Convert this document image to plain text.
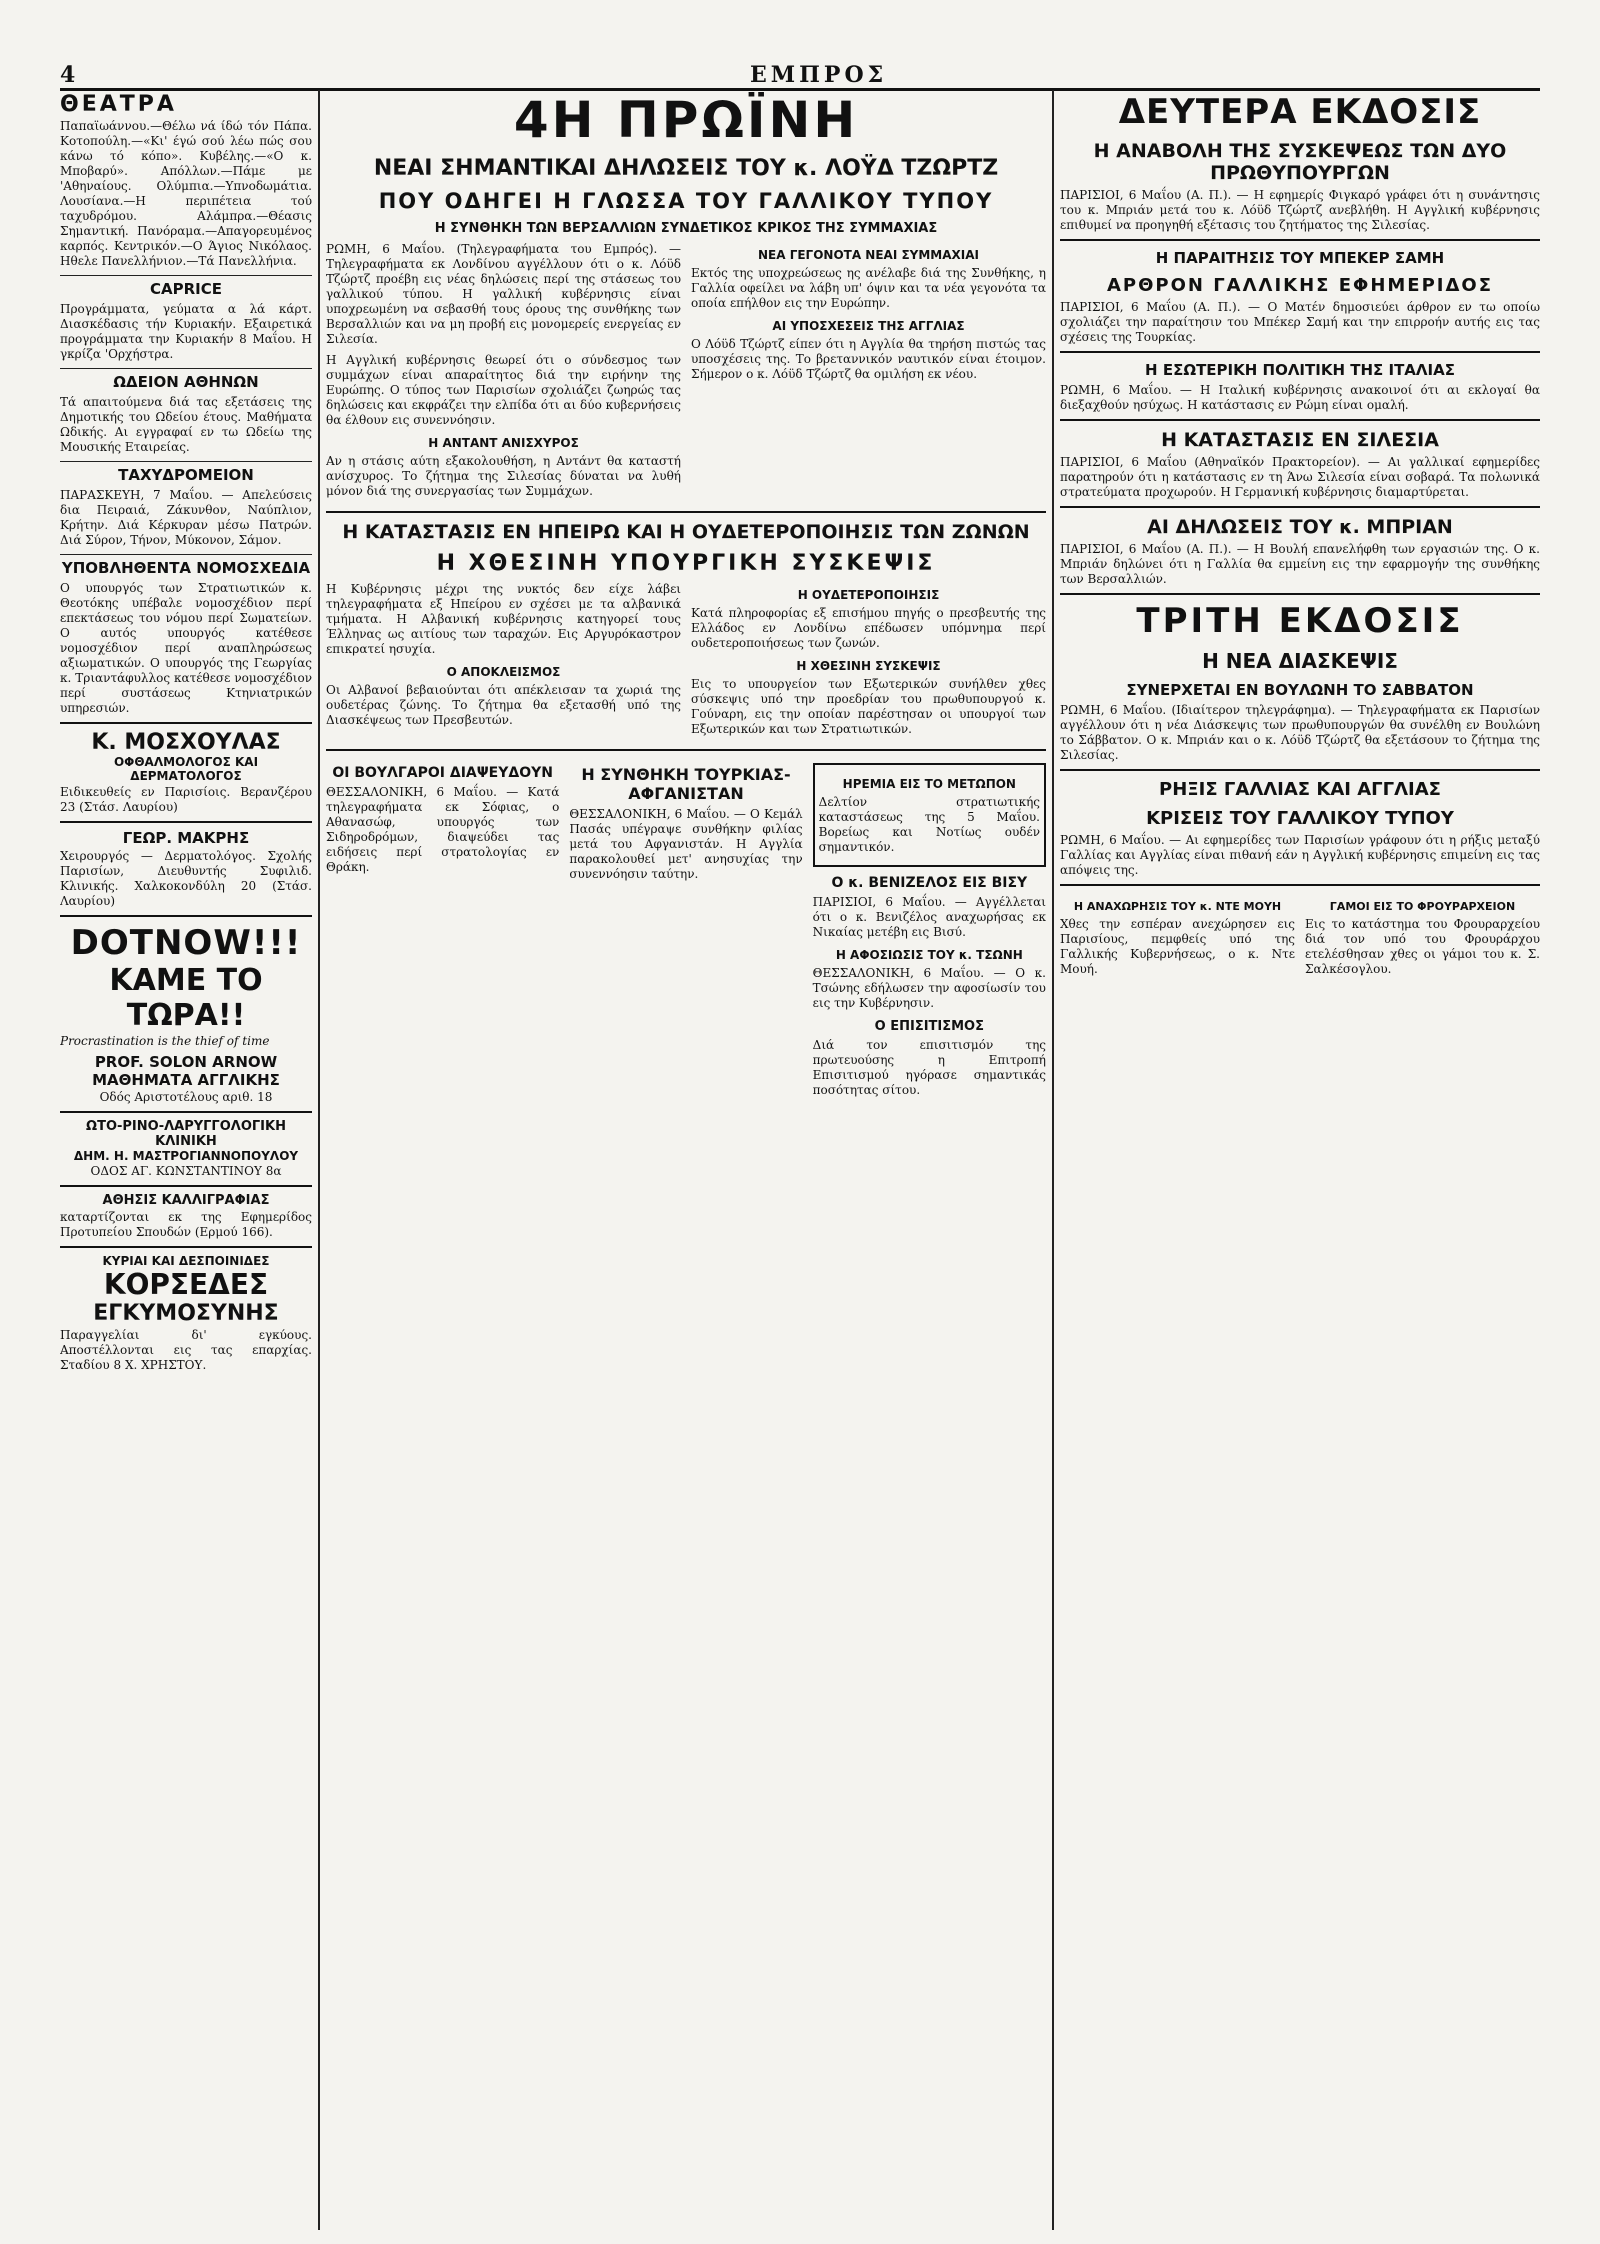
4	ΕΜΠΡΟΣ
ΘΕΑΤΡΑ

Παπαϊωάννου.—Θέλω νά ίδώ τόν Πάπα. Κοτοπούλη.—«Κι' έγώ σού λέω πώς σου κάνω τό κόπο». Κυβέλης.—«Ο κ. Μποβαρύ». Απόλλων.—Πάμε με 'Αθηναίους. Ολύμπια.—Υπνοδωμάτια. Λουσίανα.—Η περιπέτεια τού ταχυδρόμου. Αλάμπρα.—Θέασις Σημαντική. Πανόραμα.—Απαγορευμένος καρπός. Κεντρικόν.—Ο Άγιος Νικόλαος. Ηθελε Πανελλήνιον.—Τά Πανελλήνια.

CAPRICE

Προγράμματα, γεύματα α λά κάρτ. Διασκέδασις τήν Κυριακήν. Εξαιρετικά προγράμματα την Κυριακήν 8 Μαΐου. Η γκρίζα 'Ορχήστρα.

ΩΔΕΙΟΝ ΑΘΗΝΩΝ

Τά απαιτούμενα διά τας εξετάσεις της Δημοτικής του Ωδείου έτους. Μαθήματα Ωδικής. Αι εγγραφαί εν τω Ωδείω της Μουσικής Εταιρείας.

ΤΑΧΥΔΡΟΜΕΙΟΝ

ΠΑΡΑΣΚΕΥΗ, 7 Μαΐου. — Απελεύσεις δια Πειραιά, Ζάκυνθον, Ναύπλιον, Κρήτην. Διά Κέρκυραν μέσω Πατρών. Διά Σύρον, Τήνον, Μύκονον, Σάμον.

ΥΠΟΒΛΗΘΕΝΤΑ ΝΟΜΟΣΧΕΔΙΑ

Ο υπουργός των Στρατιωτικών κ. Θεοτόκης υπέβαλε νομοσχέδιον περί επεκτάσεως του νόμου περί Σωματείων. Ο αυτός υπουργός κατέθεσε νομοσχέδιον περί αναπληρώσεως αξιωματικών. Ο υπουργός της Γεωργίας κ. Τριαντάφυλλος κατέθεσε νομοσχέδιον περί συστάσεως Κτηνιατρικών υπηρεσιών.

Κ. ΜΟΣΧΟΥΛΑΣ
ΟΦΘΑΛΜΟΛΟΓΟΣ ΚΑΙ ΔΕΡΜΑΤΟΛΟΓΟΣ

Ειδικευθείς εν Παρισίοις. Βερανζέρου 23 (Στάσ. Λαυρίου)

ΓΕΩΡ. ΜΑΚΡΗΣ

Χειρουργός — Δερματολόγος. Σχολής Παρισίων, Διευθυντής Συφιλιδ. Κλινικής. Χαλκοκονδύλη 20 (Στάσ. Λαυρίου)

DOTNOW!!!
ΚΑΜΕ ΤΟ ΤΩΡΑ!!
Procrastination is the thief of time
PROF. SOLON ARNOW
ΜΑΘΗΜΑΤΑ ΑΓΓΛΙΚΗΣ
Οδός Αριστοτέλους αριθ. 18
ΩΤΟ-ΡΙΝΟ-ΛΑΡΥΓΓΟΛΟΓΙΚΗ ΚΛΙΝΙΚΗ
ΔΗΜ. Η. ΜΑΣΤΡΟΓΙΑΝΝΟΠΟΥΛΟΥ
ΟΔΟΣ ΑΓ. ΚΩΝΣΤΑΝΤΙΝΟΥ 8α
ΑΘΗΣΙΣ ΚΑΛΛΙΓΡΑΦΙΑΣ

καταρτίζονται εκ της Εφημερίδος Προτυπείου Σπουδών (Ερμού 166).

ΚΥΡΙΑΙ ΚΑΙ ΔΕΣΠΟΙΝΙΔΕΣ
ΚΟΡΣΕΔΕΣ
ΕΓΚΥΜΟΣΥΝΗΣ

Παραγγελίαι δι' εγκύους. Αποστέλλονται εις τας επαρχίας. Σταδίου 8 Χ. ΧΡΗΣΤΟΥ.

4Η ΠΡΩΪΝΗ
ΝΕΑΙ ΣΗΜΑΝΤΙΚΑΙ ΔΗΛΩΣΕΙΣ ΤΟΥ κ. ΛΟΫΔ ΤΖΩΡΤΖ
ΠΟΥ ΟΔΗΓΕΙ Η ΓΛΩΣΣΑ ΤΟΥ ΓΑΛΛΙΚΟΥ ΤΥΠΟΥ
Η ΣΥΝΘΗΚΗ ΤΩΝ ΒΕΡΣΑΛΛΙΩΝ ΣΥΝΔΕΤΙΚΟΣ ΚΡΙΚΟΣ ΤΗΣ ΣΥΜΜΑΧΙΑΣ

ΡΩΜΗ, 6 Μαΐου. (Τηλεγραφήματα του Εμπρός). — Τηλεγραφήματα εκ Λονδίνου αγγέλλουν ότι ο κ. Λόϋδ Τζώρτζ προέβη εις νέας δηλώσεις περί της στάσεως του γαλλικού τύπου. Η γαλλική κυβέρνησις είναι υποχρεωμένη να σεβασθή τους όρους της συνθήκης των Βερσαλλιών και να μη προβή εις μονομερείς ενεργείας εν Σιλεσία.

Η Αγγλική κυβέρνησις θεωρεί ότι ο σύνδεσμος των συμμάχων είναι απαραίτητος διά την ειρήνην της Ευρώπης. Ο τύπος των Παρισίων σχολιάζει ζωηρώς τας δηλώσεις και εκφράζει την ελπίδα ότι αι δύο κυβερνήσεις θα έλθουν εις συνεννόησιν.

Η ΑΝΤΑΝΤ ΑΝΙΣΧΥΡΟΣ

Αν η στάσις αύτη εξακολουθήση, η Αντάντ θα καταστή ανίσχυρος. Το ζήτημα της Σιλεσίας δύναται να λυθή μόνον διά της συνεργασίας των Συμμάχων.

ΝΕΑ ΓΕΓΟΝΟΤΑ ΝΕΑΙ ΣΥΜΜΑΧΙΑΙ

Εκτός της υποχρεώσεως ης ανέλαβε διά της Συνθήκης, η Γαλλία οφείλει να λάβη υπ' όψιν και τα νέα γεγονότα τα οποία επήλθον εις την Ευρώπην.

ΑΙ ΥΠΟΣΧΕΣΕΙΣ ΤΗΣ ΑΓΓΛΙΑΣ

Ο Λόϋδ Τζώρτζ είπεν ότι η Αγγλία θα τηρήση πιστώς τας υποσχέσεις της. Το βρεταννικόν ναυτικόν είναι έτοιμον. Σήμερον ο κ. Λόϋδ Τζώρτζ θα ομιλήση εκ νέου.

Η ΚΑΤΑΣΤΑΣΙΣ ΕΝ ΗΠΕΙΡΩ ΚΑΙ Η ΟΥΔΕΤΕΡΟΠΟΙΗΣΙΣ ΤΩΝ ΖΩΝΩΝ
Η ΧΘΕΣΙΝΗ ΥΠΟΥΡΓΙΚΗ ΣΥΣΚΕΨΙΣ

Η Κυβέρνησις μέχρι της νυκτός δεν είχε λάβει τηλεγραφήματα εξ Ηπείρου εν σχέσει με τα αλβανικά τμήματα. Η Αλβανική κυβέρνησις κατηγορεί τους Έλληνας ως αιτίους των ταραχών. Εις Αργυρόκαστρον επικρατεί ησυχία.

Ο ΑΠΟΚΛΕΙΣΜΟΣ

Οι Αλβανοί βεβαιούνται ότι απέκλεισαν τα χωριά της ουδετέρας ζώνης. Το ζήτημα θα εξετασθή υπό της Διασκέψεως των Πρεσβευτών.

Η ΟΥΔΕΤΕΡΟΠΟΙΗΣΙΣ

Κατά πληροφορίας εξ επισήμου πηγής ο πρεσβευτής της Ελλάδος εν Λονδίνω επέδωσεν υπόμνημα περί ουδετεροποιήσεως των ζωνών.

Η ΧΘΕΣΙΝΗ ΣΥΣΚΕΨΙΣ

Εις το υπουργείον των Εξωτερικών συνήλθεν χθες σύσκεψις υπό την προεδρίαν του πρωθυπουργού κ. Γούναρη, εις την οποίαν παρέστησαν οι υπουργοί των Εξωτερικών και των Στρατιωτικών.

ΟΙ ΒΟΥΛΓΑΡΟΙ ΔΙΑΨΕΥΔΟΥΝ

ΘΕΣΣΑΛΟΝΙΚΗ, 6 Μαΐου. — Κατά τηλεγραφήματα εκ Σόφιας, ο Αθανασώφ, υπουργός των Σιδηροδρόμων, διαψεύδει τας ειδήσεις περί στρατολογίας εν Θράκη.

Η ΣΥΝΘΗΚΗ ΤΟΥΡΚΙΑΣ-ΑΦΓΑΝΙΣΤΑΝ

ΘΕΣΣΑΛΟΝΙΚΗ, 6 Μαΐου. — Ο Κεμάλ Πασάς υπέγραψε συνθήκην φιλίας μετά του Αφγανιστάν. Η Αγγλία παρακολουθεί μετ' ανησυχίας την συνεννόησιν ταύτην.

ΗΡΕΜΙΑ ΕΙΣ ΤΟ ΜΕΤΩΠΟΝ

Δελτίον στρατιωτικής καταστάσεως της 5 Μαΐου. Βορείως και Νοτίως ουδέν σημαντικόν.

Ο κ. ΒΕΝΙΖΕΛΟΣ ΕΙΣ ΒΙΣΥ

ΠΑΡΙΣΙΟΙ, 6 Μαΐου. — Αγγέλλεται ότι ο κ. Βενιζέλος αναχωρήσας εκ Νικαίας μετέβη εις Βισύ.

Η ΑΦΟΣΙΩΣΙΣ ΤΟΥ κ. ΤΣΩΝΗ

ΘΕΣΣΑΛΟΝΙΚΗ, 6 Μαΐου. — Ο κ. Τσώνης εδήλωσεν την αφοσίωσίν του εις την Κυβέρνησιν.

Ο ΕΠΙΣΙΤΙΣΜΟΣ

Διά τον επισιτισμόν της πρωτευούσης η Επιτροπή Επισιτισμού ηγόρασε σημαντικάς ποσότητας σίτου.

ΔΕΥΤΕΡΑ ΕΚΔΟΣΙΣ
Η ΑΝΑΒΟΛΗ ΤΗΣ ΣΥΣΚΕΨΕΩΣ ΤΩΝ ΔΥΟ ΠΡΩΘΥΠΟΥΡΓΩΝ

ΠΑΡΙΣΙΟΙ, 6 Μαΐου (Α. Π.). — Η εφημερίς Φιγκαρό γράφει ότι η συνάντησις του κ. Μπριάν μετά του κ. Λόϋδ Τζώρτζ ανεβλήθη. Η Αγγλική κυβέρνησις επιθυμεί να προηγηθή εξέτασις του ζητήματος της Σιλεσίας.

Η ΠΑΡΑΙΤΗΣΙΣ ΤΟΥ ΜΠΕΚΕΡ ΣΑΜΗ
ΑΡΘΡΟΝ ΓΑΛΛΙΚΗΣ ΕΦΗΜΕΡΙΔΟΣ

ΠΑΡΙΣΙΟΙ, 6 Μαΐου (Α. Π.). — Ο Ματέν δημοσιεύει άρθρον εν τω οποίω σχολιάζει την παραίτησιν του Μπέκερ Σαμή και την επιρροήν αυτής εις τας σχέσεις της Τουρκίας.

Η ΕΣΩΤΕΡΙΚΗ ΠΟΛΙΤΙΚΗ ΤΗΣ ΙΤΑΛΙΑΣ

ΡΩΜΗ, 6 Μαΐου. — Η Ιταλική κυβέρνησις ανακοινοί ότι αι εκλογαί θα διεξαχθούν ησύχως. Η κατάστασις εν Ρώμη είναι ομαλή.

Η ΚΑΤΑΣΤΑΣΙΣ ΕΝ ΣΙΛΕΣΙΑ

ΠΑΡΙΣΙΟΙ, 6 Μαΐου (Αθηναϊκόν Πρακτορείον). — Αι γαλλικαί εφημερίδες παρατηρούν ότι η κατάστασις εν τη Άνω Σιλεσία είναι σοβαρά. Τα πολωνικά στρατεύματα προχωρούν. Η Γερμανική κυβέρνησις διαμαρτύρεται.

ΑΙ ΔΗΛΩΣΕΙΣ ΤΟΥ κ. ΜΠΡΙΑΝ

ΠΑΡΙΣΙΟΙ, 6 Μαΐου (Α. Π.). — Η Βουλή επανελήφθη των εργασιών της. Ο κ. Μπριάν δηλώνει ότι η Γαλλία θα εμμείνη εις την εφαρμογήν της συνθήκης των Βερσαλλιών.

ΤΡΙΤΗ ΕΚΔΟΣΙΣ
Η ΝΕΑ ΔΙΑΣΚΕΨΙΣ
ΣΥΝΕΡΧΕΤΑΙ ΕΝ ΒΟΥΛΩΝΗ ΤΟ ΣΑΒΒΑΤΟΝ

ΡΩΜΗ, 6 Μαΐου. (Ιδιαίτερον τηλεγράφημα). — Τηλεγραφήματα εκ Παρισίων αγγέλλουν ότι η νέα Διάσκεψις των πρωθυπουργών θα συνέλθη εν Βουλώνη το Σάββατον. Ο κ. Μπριάν και ο κ. Λόϋδ Τζώρτζ θα εξετάσουν το ζήτημα της Σιλεσίας.

ΡΗΞΙΣ ΓΑΛΛΙΑΣ ΚΑΙ ΑΓΓΛΙΑΣ
ΚΡΙΣΕΙΣ ΤΟΥ ΓΑΛΛΙΚΟΥ ΤΥΠΟΥ

ΡΩΜΗ, 6 Μαΐου. — Αι εφημερίδες των Παρισίων γράφουν ότι η ρήξις μεταξύ Γαλλίας και Αγγλίας είναι πιθανή εάν η Αγγλική κυβέρνησις επιμείνη εις τας απόψεις της.

Η ΑΝΑΧΩΡΗΣΙΣ ΤΟΥ κ. ΝΤΕ ΜΟΥΗ

Χθες την εσπέραν ανεχώρησεν εις Παρισίους, πεμφθείς υπό της Γαλλικής Κυβερνήσεως, ο κ. Ντε Μουή.

ΓΑΜΟΙ ΕΙΣ ΤΟ ΦΡΟΥΡΑΡΧΕΙΟΝ

Εις το κατάστημα του Φρουραρχείου διά τον υπό του Φρουράρχου ετελέσθησαν χθες οι γάμοι του κ. Σ. Σαλκέσογλου.
